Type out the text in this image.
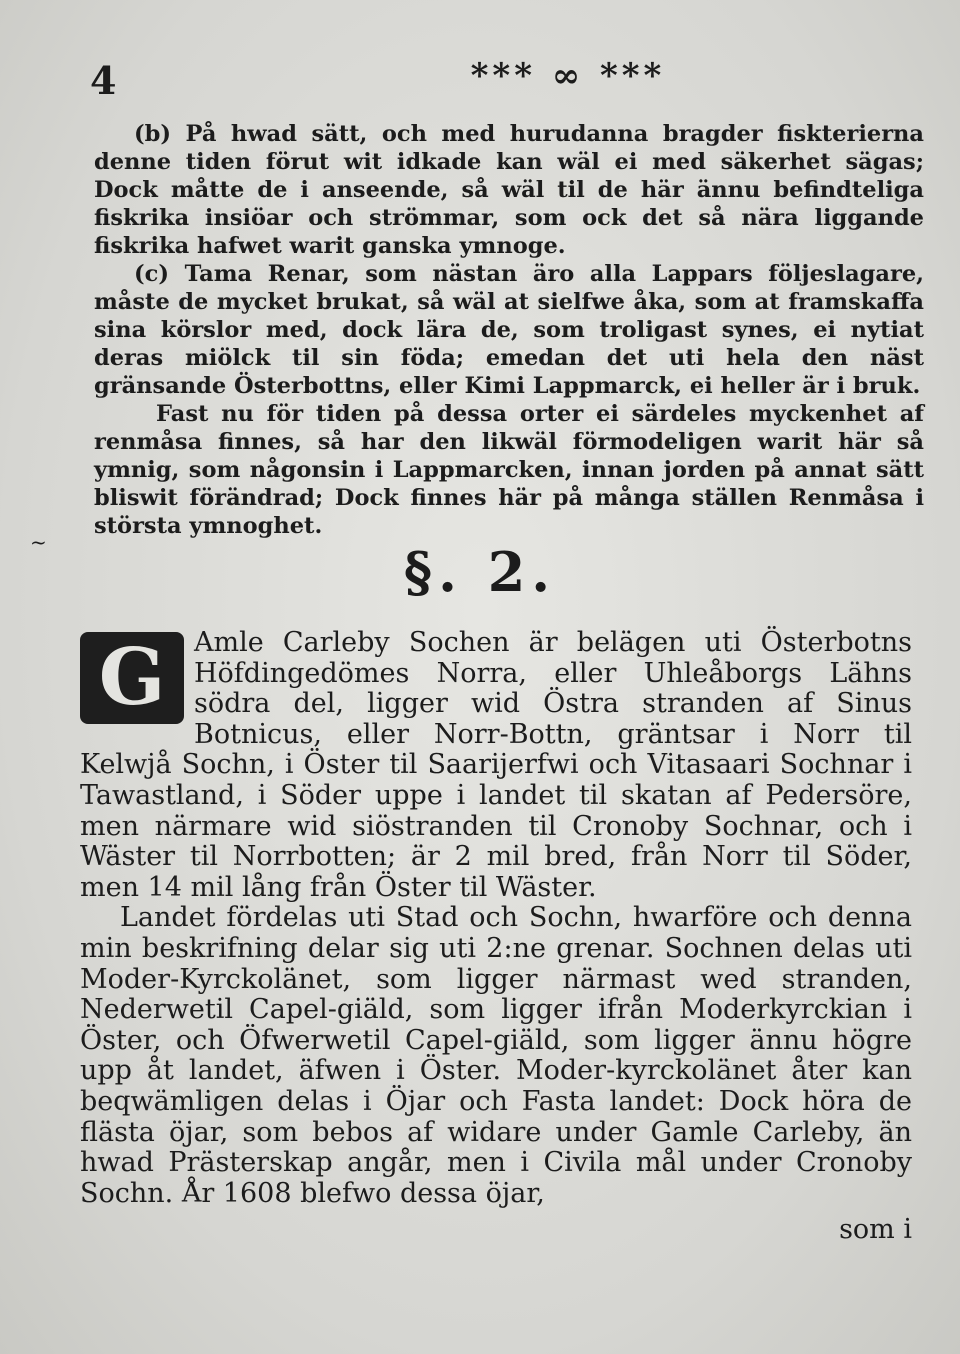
4	*** ∞ ***

(b) På hwad sätt, och med hurudanna bragder fiskterierna denne tiden förut wit idkade kan wäl ei med säkerhet sägas; Dock måtte de i anseende, så wäl til de här ännu befindteliga fiskrika insiöar och strömmar, som ock det så nära liggande fiskrika hafwet warit ganska ymnoge.

(c) Tama Renar, som nästan äro alla Lappars följeslagare, måste de mycket brukat, så wäl at sielfwe åka, som at framskaffa sina körslor med, dock lära de, som troligast synes, ei nytiat deras miölck til sin föda; emedan det uti hela den näst gränsande Österbottns, eller Kimi Lappmarck, ei heller är i bruk.

Fast nu för tiden på dessa orter ei särdeles myckenhet af renmåsa finnes, så har den likwäl förmodeligen warit här så ymnig, som någonsin i Lappmarcken, innan jorden på annat sätt bliswit förändrad; Dock finnes här på många ställen Renmåsa i största ymnoghet.

~	§. 2.

G	Amle Carleby Sochen är belägen uti Österbotns Höfdingedömes Norra, eller Uhleåborgs Lähns södra del, ligger wid Östra stranden af Sinus Botnicus, eller Norr-Bottn, gräntsar i Norr til Kelwjå Sochn, i Öster til Saarijerfwi och Vitasaari Sochnar i Tawastland, i Söder uppe i landet til skatan af Pedersöre, men närmare wid siöstranden til Cronoby Sochnar, och i Wäster til Norrbotten; är 2 mil bred, från Norr til Söder, men 14 mil lång från Öster til Wäster.

Landet fördelas uti Stad och Sochn, hwarföre och denna min beskrifning delar sig uti 2:ne grenar. Sochnen delas uti Moder-Kyrckolänet, som ligger närmast wed stranden, Nederwetil Capel-giäld, som ligger ifrån Moderkyrckian i Öster, och Öfwerwetil Capel-giäld, som ligger ännu högre upp åt landet, äfwen i Öster. Moder-kyrckolänet åter kan beqwämligen delas i Öjar och Fasta landet: Dock höra de flästa öjar, som bebos af widare under Gamle Carleby, än hwad Prästerskap angår, men i Civila mål under Cronoby Sochn. År 1608 blefwo dessa öjar,

som i
